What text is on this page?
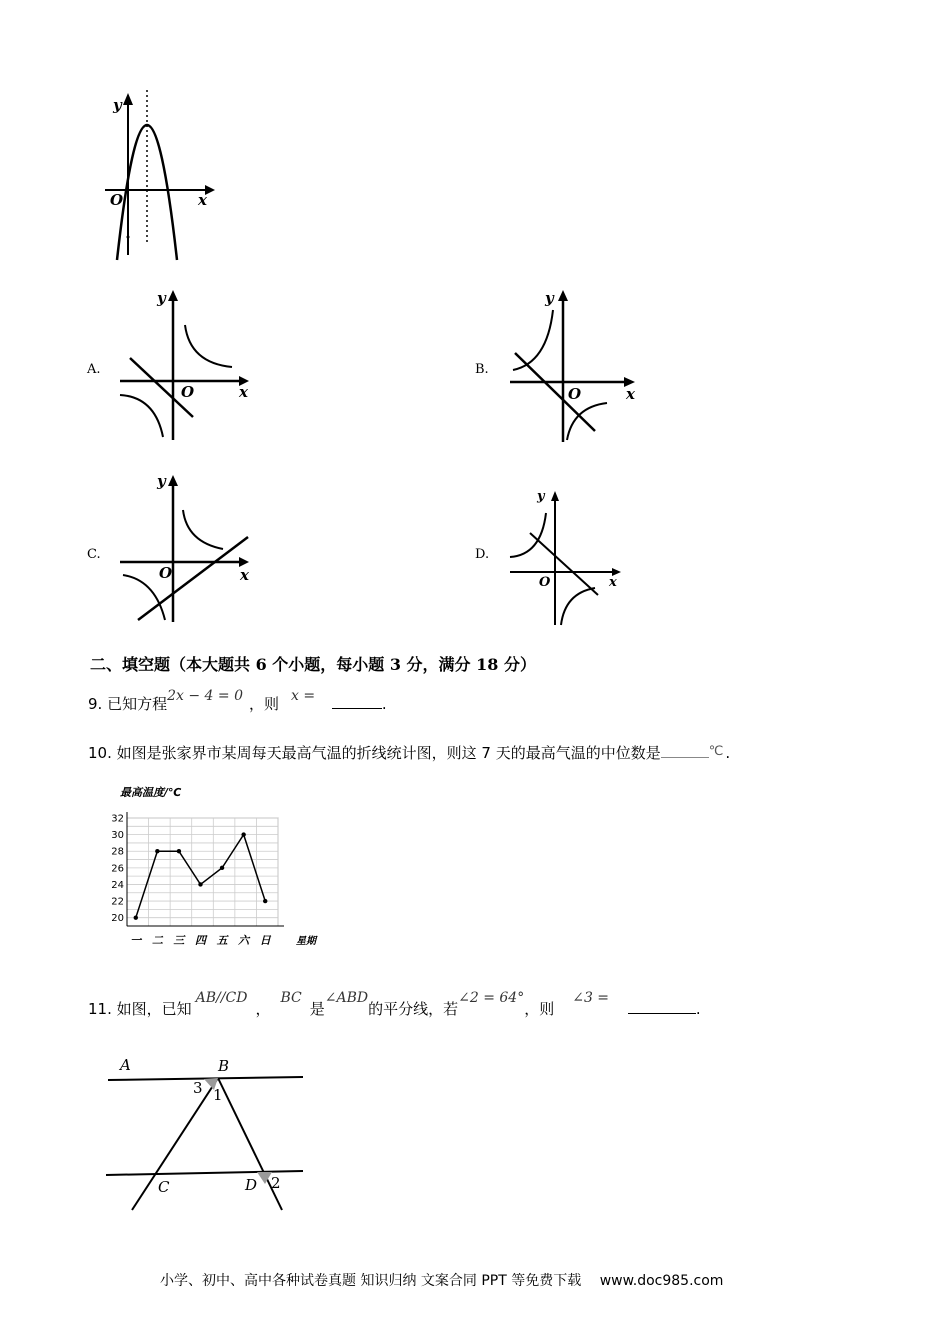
y
O	x
A.
y
O	x
B.
y
O	x
C.
y
O	x
D.
y
O	x
二、填空题（本大题共 6 个小题，每小题 3 分，满分 18 分）
9. 已知方程2x − 4 = 0 ，则 x =	.
10. 如图是张家界市某周每天最高气温的折线统计图，则这 7 天的最高气温的中位数是	℃ .
最高温度/℃
20
22
24
26
28
30
32
一 二 三 四 五 六 日	星期
11. 如图，已知AB//CD，BC是∠ABD的平分线，若∠2 = 64°，则∠3 = .
A	B
C	D
1
2
3
小学、初中、高中各种试卷真题 知识归纳 文案合同 PPT 等免费下载 www.doc985.com
